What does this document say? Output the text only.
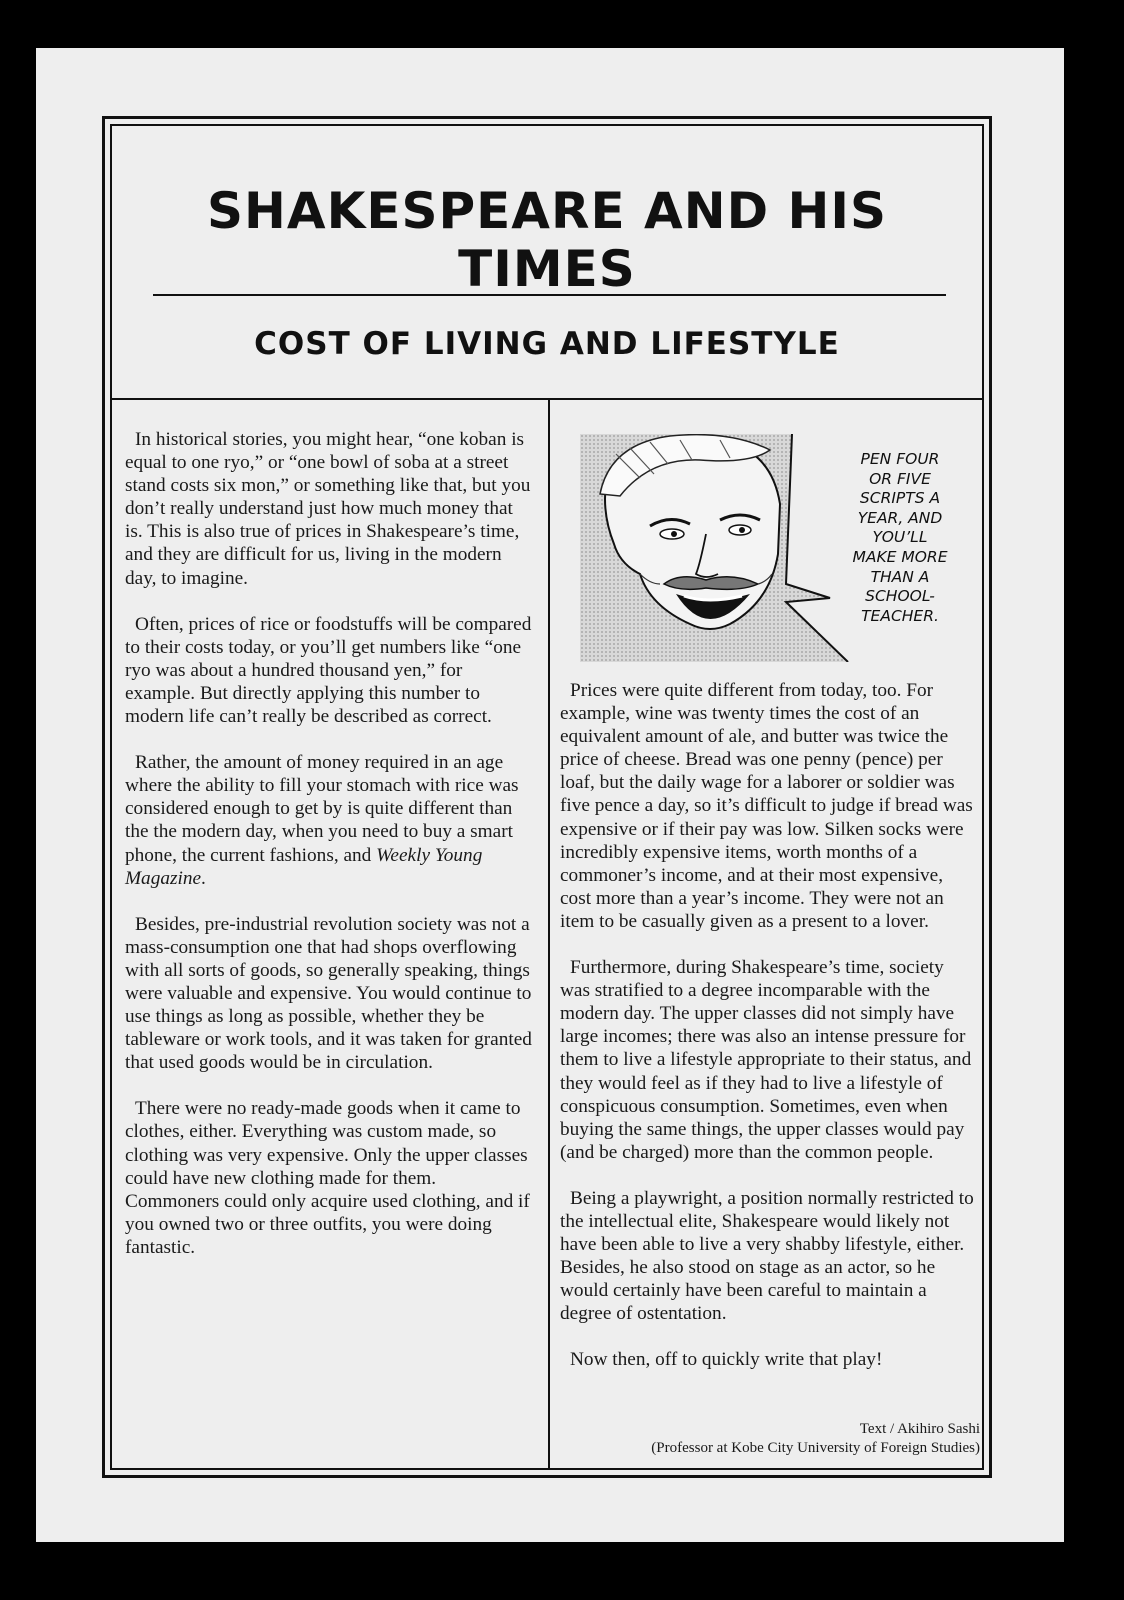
SHAKESPEARE AND HIS TIMES
COST OF LIVING AND LIFESTYLE

In historical stories, you might hear, “one koban is equal to one ryo,” or “one bowl of soba at a street stand costs six mon,” or something like that, but you don’t really understand just how much money that is. This is also true of prices in Shakespeare’s time, and they are difficult for us, living in the modern day, to imagine.

Often, prices of rice or foodstuffs will be compared to their costs today, or you’ll get numbers like “one ryo was about a hundred thousand yen,” for example. But directly applying this number to modern life can’t really be described as correct.

Rather, the amount of money required in an age where the ability to fill your stomach with rice was considered enough to get by is quite different than the the modern day, when you need to buy a smart phone, the current fashions, and Weekly Young Magazine.

Besides, pre-industrial revolution society was not a mass-consumption one that had shops overflowing with all sorts of goods, so generally speaking, things were valuable and expensive. You would continue to use things as long as possible, whether they be tableware or work tools, and it was taken for granted that used goods would be in circulation.

There were no ready-made goods when it came to clothes, either. Everything was custom made, so clothing was very expensive. Only the upper classes could have new clothing made for them. Commoners could only acquire used clothing, and if you owned two or three outfits, you were doing fantastic.

PEN FOUR
OR FIVE
SCRIPTS A
YEAR, AND
YOU’LL
MAKE MORE
THAN A
SCHOOL-
TEACHER.

Prices were quite different from today, too. For example, wine was twenty times the cost of an equivalent amount of ale, and butter was twice the price of cheese. Bread was one penny (pence) per loaf, but the daily wage for a laborer or soldier was five pence a day, so it’s difficult to judge if bread was expensive or if their pay was low. Silken socks were incredibly expensive items, worth months of a commoner’s income, and at their most expensive, cost more than a year’s income. They were not an item to be casually given as a present to a lover.

Furthermore, during Shakespeare’s time, society was stratified to a degree incomparable with the modern day. The upper classes did not simply have large incomes; there was also an intense pressure for them to live a lifestyle appropriate to their status, and they would feel as if they had to live a lifestyle of conspicuous consumption. Sometimes, even when buying the same things, the upper classes would pay (and be charged) more than the common people.

Being a playwright, a position normally restricted to the intellectual elite, Shakespeare would likely not have been able to live a very shabby lifestyle, either. Besides, he also stood on stage as an actor, so he would certainly have been careful to maintain a degree of ostentation.

Now then, off to quickly write that play!

Text / Akihiro Sashi
(Professor at Kobe City University of Foreign Studies)
